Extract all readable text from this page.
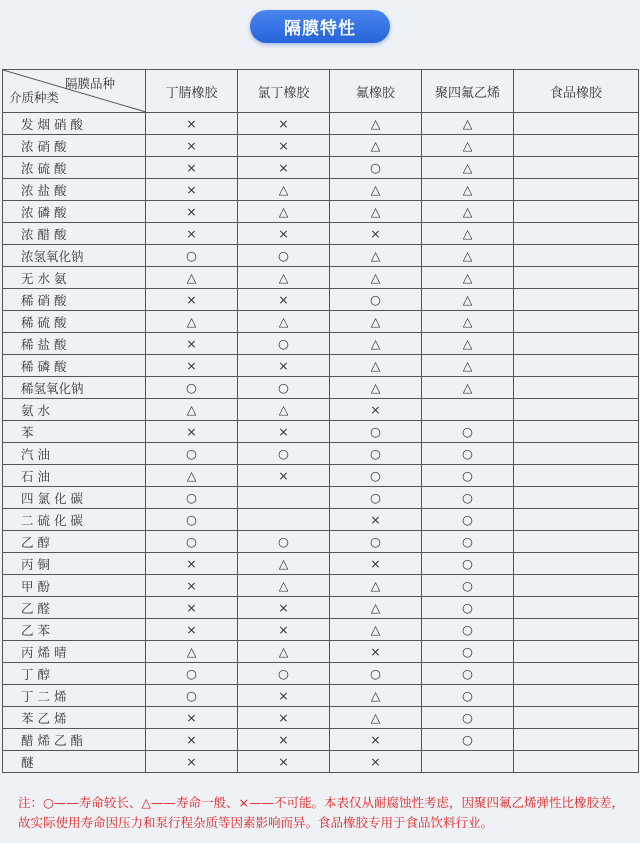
隔膜特性
隔膜品种
介质种类	丁腈橡胶	氯丁橡胶	氟橡胶	聚四氟乙烯	食品橡胶
发 烟 硝 酸	×	×	△	△	
浓 硝 酸	×	×	△	△	
浓 硫 酸	×	×	○	△	
浓 盐 酸	×	△	△	△	
浓 磷 酸	×	△	△	△	
浓 醋 酸	×	×	×	△	
浓氢氧化钠	○	○	△	△	
无 水 氨	△	△	△	△	
稀 硝 酸	×	×	○	△	
稀 硫 酸	△	△	△	△	
稀 盐 酸	×	○	△	△	
稀 磷 酸	×	×	△	△	
稀氢氧化钠	○	○	△	△	
氨 水	△	△	×		
苯	×	×	○	○	
汽 油	○	○	○	○	
石 油	△	×	○	○	
四 氯 化 碳	○		○	○	
二 硫 化 碳	○		×	○	
乙 醇	○	○	○	○	
丙 铜	×	△	×	○	
甲 酚	×	△	△	○	
乙 醛	×	×	△	○	
乙 苯	×	×	△	○	
丙 烯 晴	△	△	×	○	
丁 醇	○	○	○	○	
丁 二 烯	○	×	△	○	
苯 乙 烯	×	×	△	○	
醋 烯 乙 酯	×	×	×	○	
醚	×	×	×		
注：○——寿命较长、△——寿命一般、×——不可能。本表仅从耐腐蚀性考虑，因聚四氟乙烯弹性比橡胶差，故实际使用寿命因压力和泵行程杂质等因素影响而异。食品橡胶专用于食品饮料行业。
